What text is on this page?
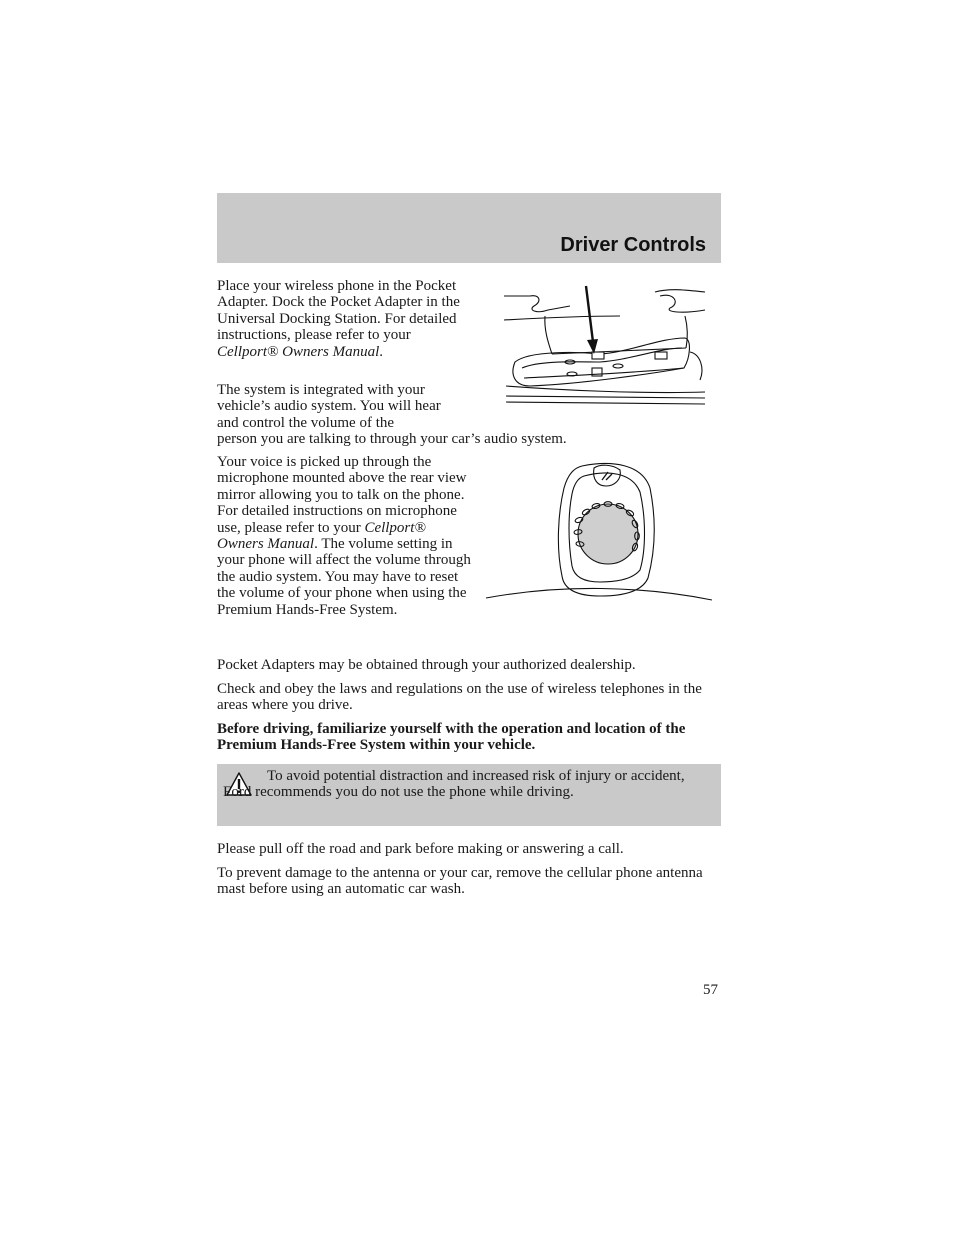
Driver Controls

Place your wireless phone in the Pocket Adapter. Dock the Pocket Adapter in the Universal Docking Station. For detailed instructions, please refer to your Cellport® Owners Manual.

The system is integrated with your vehicle’s audio system. You will hear and control the volume of the

person you are talking to through your car’s audio system.

Your voice is picked up through the microphone mounted above the rear view mirror allowing you to talk on the phone. For detailed instructions on microphone use, please refer to your Cellport® Owners Manual. The volume setting in your phone will affect the volume through the audio system. You may have to reset the volume of your phone when using the Premium Hands-Free System.

Pocket Adapters may be obtained through your authorized dealership.

Check and obey the laws and regulations on the use of wireless telephones in the areas where you drive.

Before driving, familiarize yourself with the operation and location of the Premium Hands-Free System within your vehicle.

To avoid potential distraction and increased risk of injury or accident, Ford recommends you do not use the phone while driving.

Please pull off the road and park before making or answering a call.

To prevent damage to the antenna or your car, remove the cellular phone antenna mast before using an automatic car wash.

57
